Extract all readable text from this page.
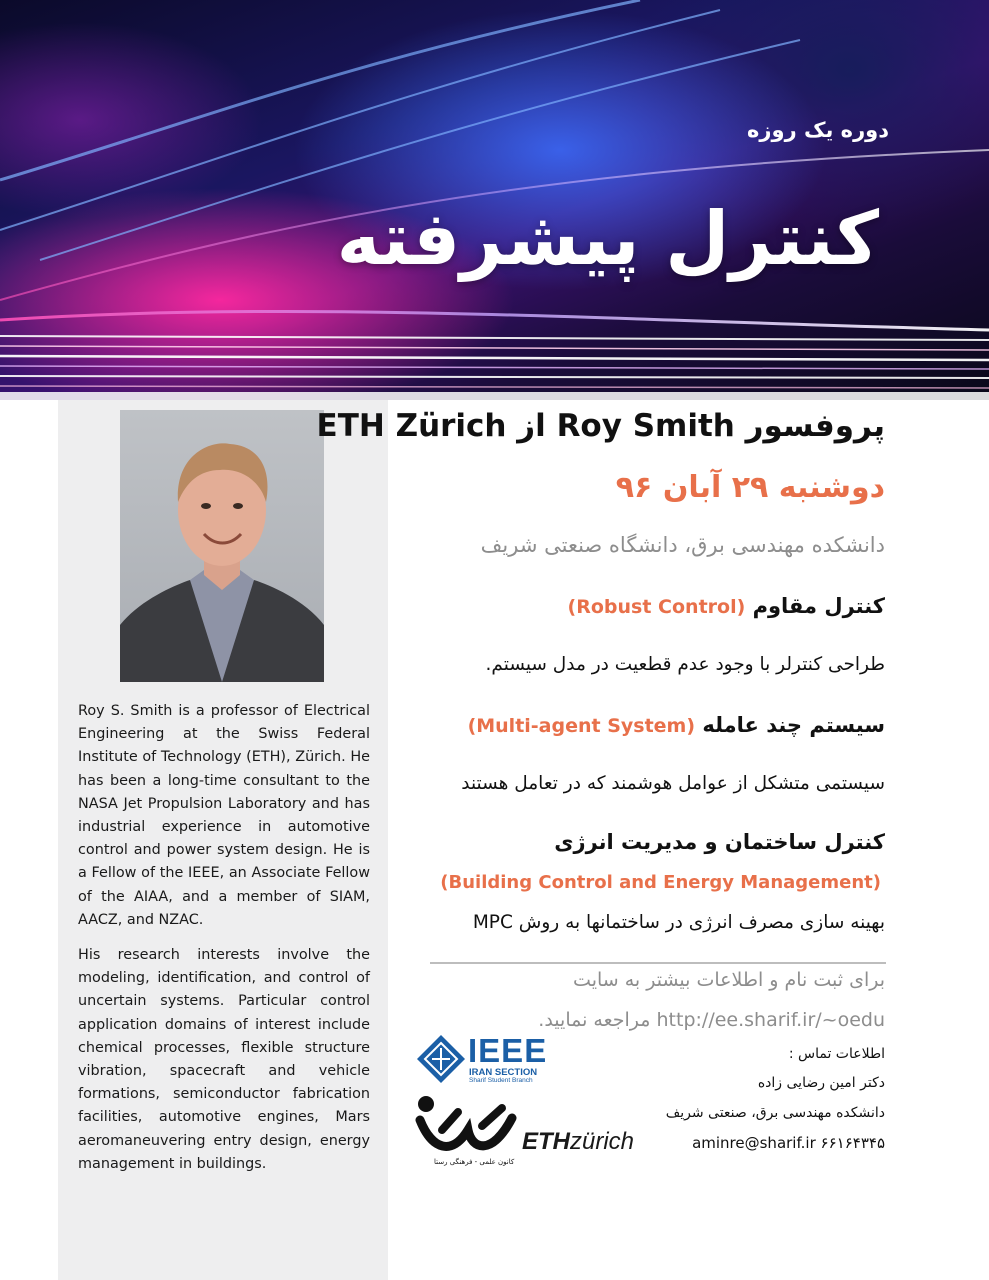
دوره یک روزه
کنترل پیشرفته

Roy S. Smith is a professor of Electrical Engineering at the Swiss Federal Institute of Technology (ETH), Zürich. He has been a long-time consultant to the NASA Jet Propulsion Laboratory and has industrial experience in automotive control and power system design. He is a Fellow of the IEEE, an Associate Fellow of the AIAA, and a member of SIAM, AACZ, and NZAC.

His research interests involve the modeling, identification, and control of uncertain systems. Particular control application domains of interest include chemical processes, flexible structure vibration, spacecraft and vehicle formations, semiconductor fabrication facilities, automotive engines, Mars aeromaneuvering entry design, energy management in buildings.

پروفسور Roy Smith از ETH Zürich
دوشنبه ۲۹ آبان ۹۶
دانشکده مهندسی برق، دانشگاه صنعتی شریف
کنترل مقاوم (Robust Control)
طراحی کنترلر با وجود عدم قطعیت در مدل سیستم.
سیستم چند عامله (Multi-agent System)
سیستمی متشکل از عوامل هوشمند که در تعامل هستند
کنترل ساختمان و مدیریت انرژی
(Building Control and Energy Management)
بهینه سازی مصرف انرژی در ساختمانها به روش MPC
برای ثبت نام و اطلاعات بیشتر به سایت
http://ee.sharif.ir/~oedu مراجعه نمایید.
اطلاعات تماس :
دکتر امین رضایی زاده
دانشکده مهندسی برق، صنعتی شریف
۶۶۱۶۴۳۴۵ aminre@sharif.ir
IEEE
IRAN SECTION
Sharif Student Branch
کانون علمی - فرهنگی رستا
ETHzürich
